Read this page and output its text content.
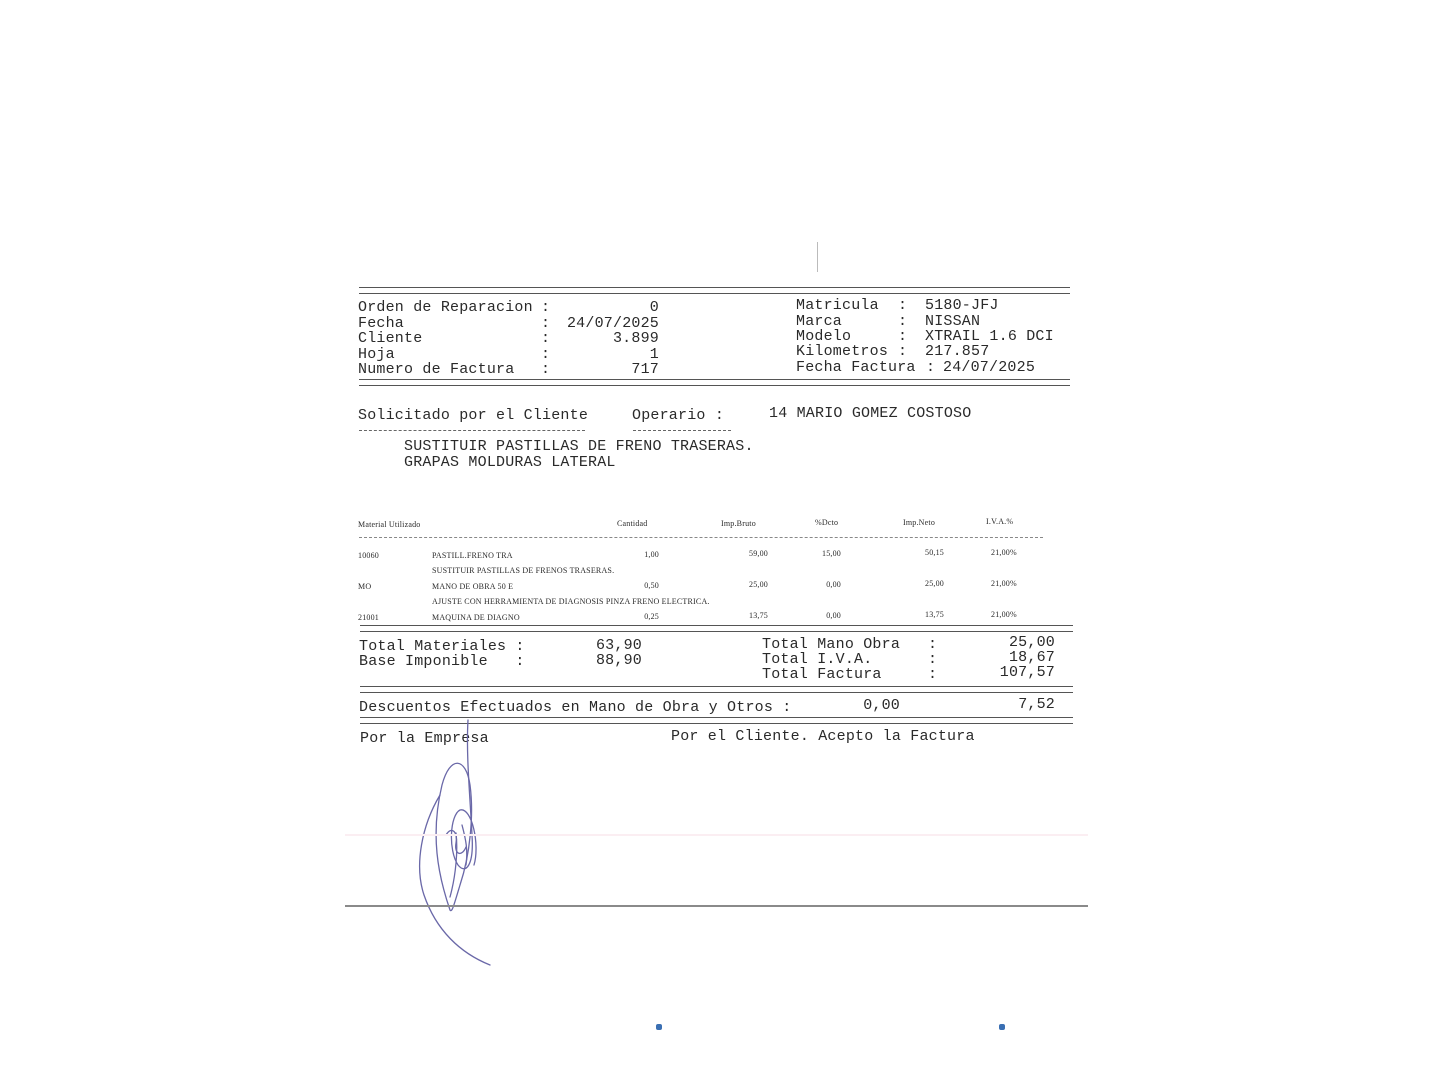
Orden de Reparacion :	0
Fecha	:	24/07/2025
Cliente	:	3.899
Hoja	:	1
Numero de Factura :	717
Matricula : 5180-JFJ
Marca	: NISSAN
Modelo	: XTRAIL 1.6 DCI
Kilometros : 217.857
Fecha Factura : 24/07/2025
Solicitado por el Cliente	Operario :	14 MARIO GOMEZ COSTOSO
SUSTITUIR PASTILLAS DE FRENO TRASERAS.
GRAPAS MOLDURAS LATERAL
Material Utilizado	Cantidad	Imp.Bruto	%Dcto	Imp.Neto	I.V.A.%
10060	PASTILL.FRENO TRA	1,00	59,00	15,00	50,15	21,00%
SUSTITUIR PASTILLAS DE FRENOS TRASERAS.
MO	MANO DE OBRA 50 E	0,50	25,00	0,00	25,00	21,00%
AJUSTE CON HERRAMIENTA DE DIAGNOSIS PINZA FRENO ELECTRICA.
21001	MAQUINA DE DIAGNO	0,25	13,75	0,00	13,75	21,00%
Total Materiales :	63,90
Base Imponible   :	88,90
Total Mano Obra :	25,00
Total I.V.A.	:	18,67
Total Factura	:	107,57
Descuentos Efectuados en Mano de Obra y Otros :	0,00	7,52
Por la Empresa	Por el Cliente. Acepto la Factura
